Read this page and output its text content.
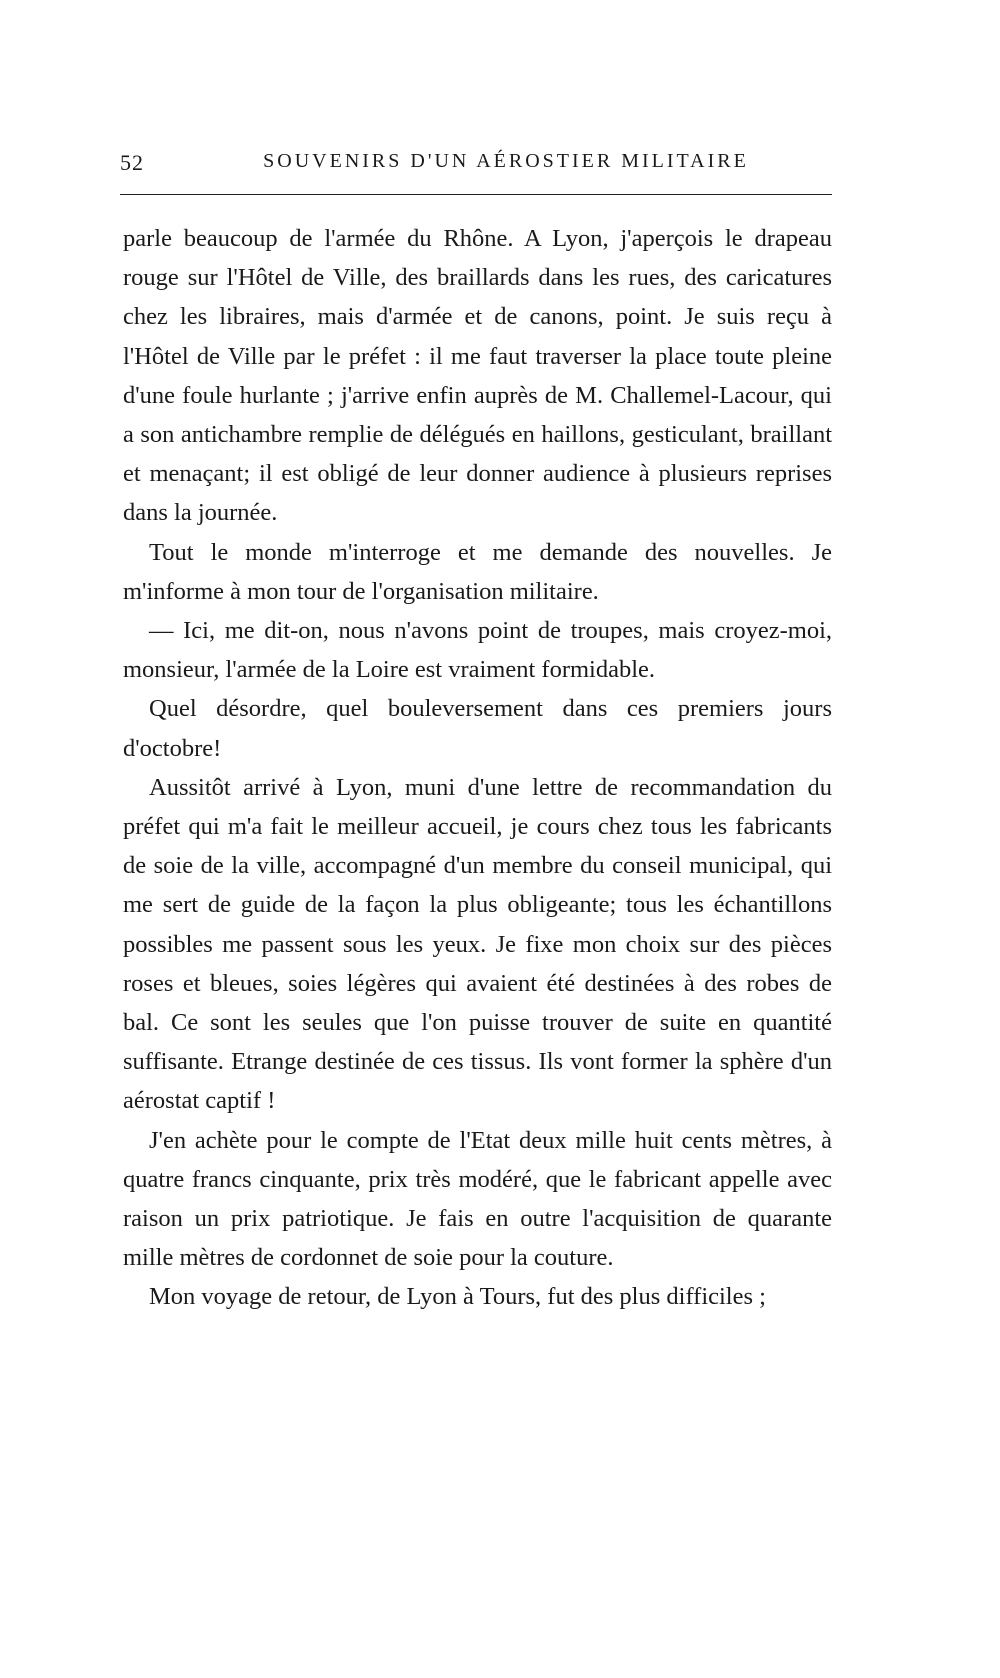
52	SOUVENIRS D'UN AÉROSTIER MILITAIRE

parle beaucoup de l'armée du Rhône. A Lyon, j'aperçois le drapeau rouge sur l'Hôtel de Ville, des braillards dans les rues, des caricatures chez les libraires, mais d'armée et de canons, point. Je suis reçu à l'Hôtel de Ville par le préfet : il me faut traverser la place toute pleine d'une foule hurlante ; j'arrive enfin auprès de M. Challemel-Lacour, qui a son antichambre remplie de délégués en haillons, gesticulant, braillant et menaçant; il est obligé de leur donner audience à plusieurs reprises dans la journée.

Tout le monde m'interroge et me demande des nouvelles. Je m'informe à mon tour de l'organisation militaire.

— Ici, me dit-on, nous n'avons point de troupes, mais croyez-moi, monsieur, l'armée de la Loire est vraiment formidable.

Quel désordre, quel bouleversement dans ces premiers jours d'octobre!

Aussitôt arrivé à Lyon, muni d'une lettre de recommandation du préfet qui m'a fait le meilleur accueil, je cours chez tous les fabricants de soie de la ville, accompagné d'un membre du conseil municipal, qui me sert de guide de la façon la plus obligeante; tous les échantillons possibles me passent sous les yeux. Je fixe mon choix sur des pièces roses et bleues, soies légères qui avaient été destinées à des robes de bal. Ce sont les seules que l'on puisse trouver de suite en quantité suffisante. Etrange destinée de ces tissus. Ils vont former la sphère d'un aérostat captif !

J'en achète pour le compte de l'Etat deux mille huit cents mètres, à quatre francs cinquante, prix très modéré, que le fabricant appelle avec raison un prix patriotique. Je fais en outre l'acquisition de quarante mille mètres de cordonnet de soie pour la couture.

Mon voyage de retour, de Lyon à Tours, fut des plus difficiles ;
